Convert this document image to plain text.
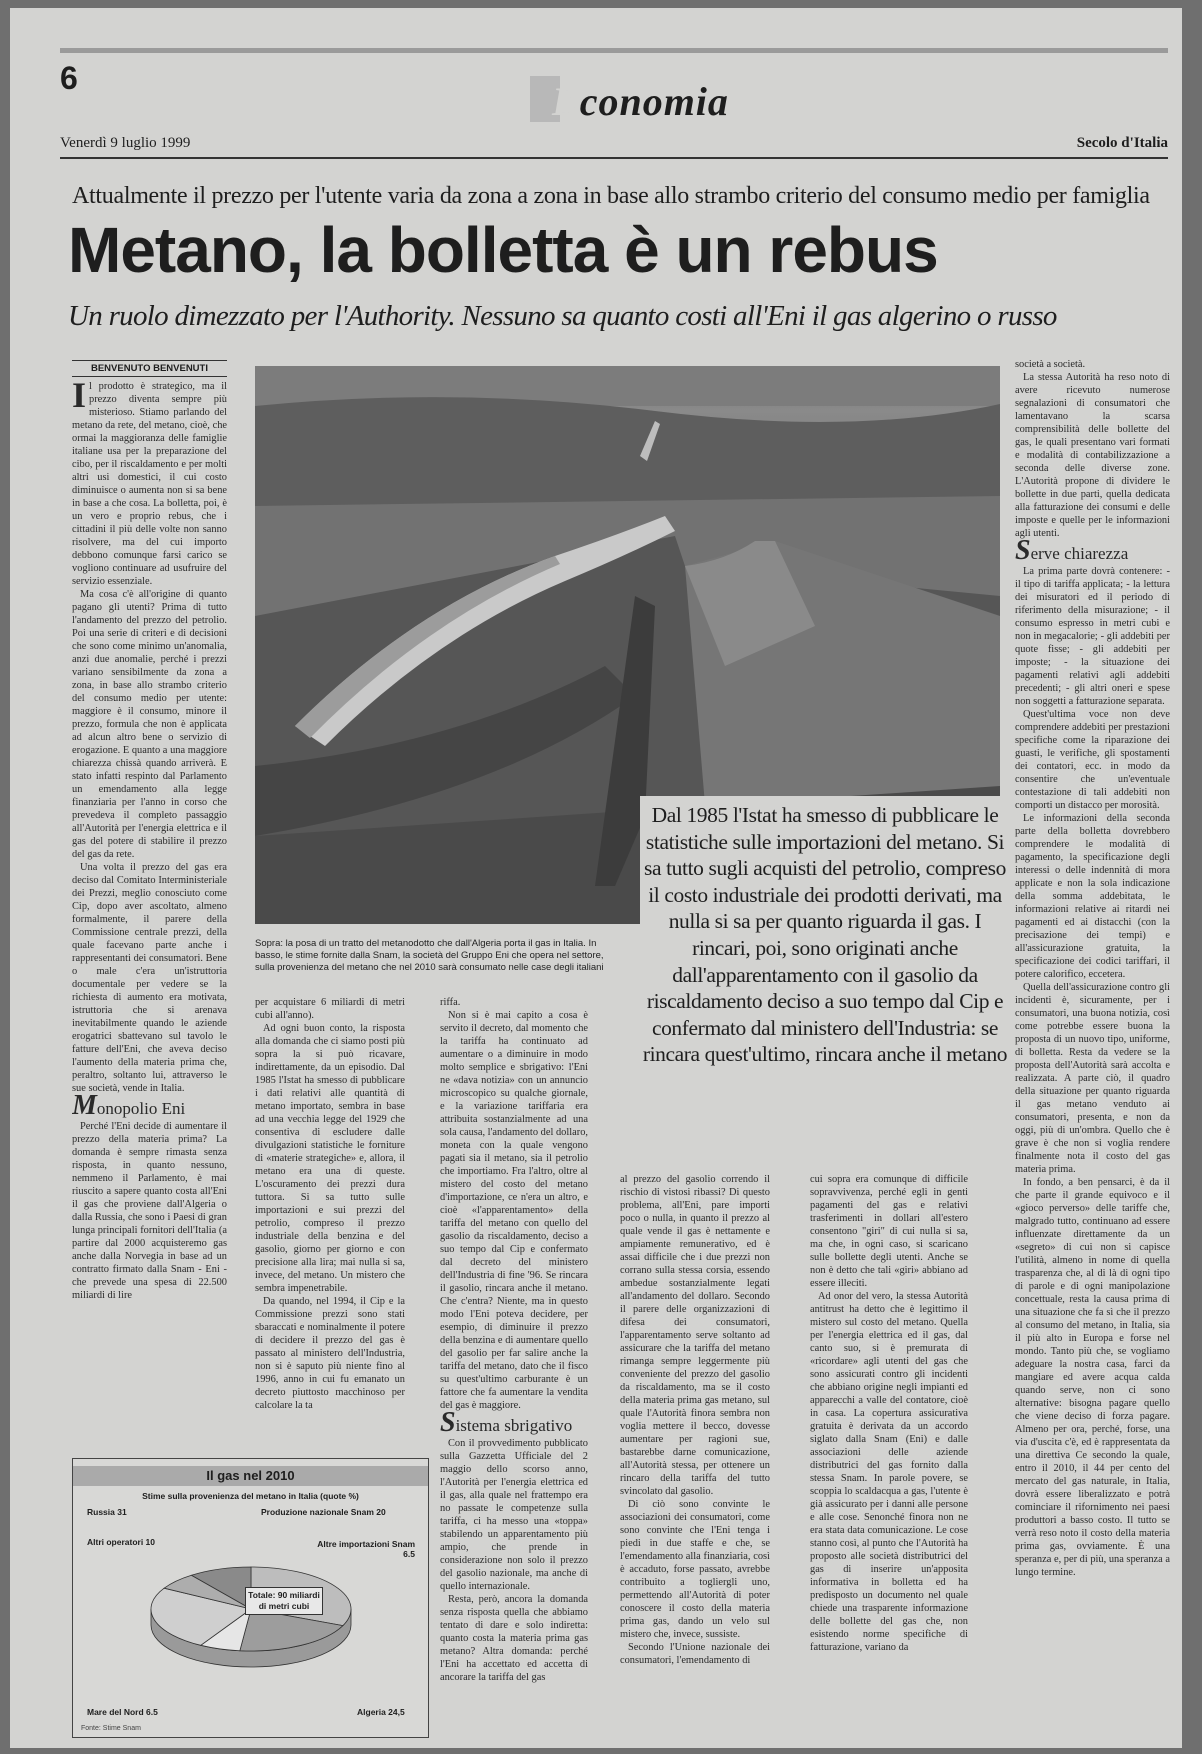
6
Economia
Venerdì 9 luglio 1999	Secolo d'Italia
Attualmente il prezzo per l'utente varia da zona a zona in base allo strambo criterio del consumo medio per famiglia
Metano, la bolletta è un rebus
Un ruolo dimezzato per l'Authority. Nessuno sa quanto costi all'Eni il gas algerino o russo
BENVENUTO BENVENUTI

Il prodotto è strategico, ma il prezzo diventa sempre più misterioso. Stiamo parlando del metano da rete, del metano, cioè, che ormai la maggioranza delle famiglie italiane usa per la preparazione del cibo, per il riscaldamento e per molti altri usi domestici, il cui costo diminuisce o aumenta non si sa bene in base a che cosa. La bolletta, poi, è un vero e proprio rebus, che i cittadini il più delle volte non sanno risolvere, ma del cui importo debbono comunque farsi carico se vogliono continuare ad usufruire del servizio essenziale.

Ma cosa c'è all'origine di quanto pagano gli utenti? Prima di tutto l'andamento del prezzo del petrolio. Poi una serie di criteri e di decisioni che sono come minimo un'anomalia, anzi due anomalie, perché i prezzi variano sensibilmente da zona a zona, in base allo strambo criterio del consumo medio per utente: maggiore è il consumo, minore il prezzo, formula che non è applicata ad alcun altro bene o servizio di erogazione. E quanto a una maggiore chiarezza chissà quando arriverà. E stato infatti respinto dal Parlamento un emendamento alla legge finanziaria per l'anno in corso che prevedeva il completo passaggio all'Autorità per l'energia elettrica e il gas del potere di stabilire il prezzo del gas da rete.

Una volta il prezzo del gas era deciso dal Comitato Interministeriale dei Prezzi, meglio conosciuto come Cip, dopo aver ascoltato, almeno formalmente, il parere della Commissione centrale prezzi, della quale facevano parte anche i rappresentanti dei consumatori. Bene o male c'era un'istruttoria documentale per vedere se la richiesta di aumento era motivata, istruttoria che si arenava inevitabilmente quando le aziende erogatrici sbattevano sul tavolo le fatture dell'Eni, che aveva deciso l'aumento della materia prima che, peraltro, soltanto lui, attraverso le sue società, vende in Italia.

Monopolio Eni

Perché l'Eni decide di aumentare il prezzo della materia prima? La domanda è sempre rimasta senza risposta, in quanto nessuno, nemmeno il Parlamento, è mai riuscito a sapere quanto costa all'Eni il gas che proviene dall'Algeria o dalla Russia, che sono i Paesi di gran lunga principali fornitori dell'Italia (a partire dal 2000 acquisteremo gas anche dalla Norvegia in base ad un contratto firmato dalla Snam - Eni - che prevede una spesa di 22.500 miliardi di lire

Sopra: la posa di un tratto del metanodotto che dall'Algeria porta il gas in Italia. In basso, le stime fornite dalla Snam, la società del Gruppo Eni che opera nel settore, sulla provenienza del metano che nel 2010 sarà consumato nelle case degli italiani

per acquistare 6 miliardi di metri cubi all'anno).

Ad ogni buon conto, la risposta alla domanda che ci siamo posti più sopra la si può ricavare, indirettamente, da un episodio. Dal 1985 l'Istat ha smesso di pubblicare i dati relativi alle quantità di metano importato, sembra in base ad una vecchia legge del 1929 che consentiva di escludere dalle divulgazioni statistiche le forniture di «materie strategiche» e, allora, il metano era una di queste. L'oscuramento dei prezzi dura tuttora. Si sa tutto sulle importazioni e sui prezzi del petrolio, compreso il prezzo industriale della benzina e del gasolio, giorno per giorno e con precisione alla lira; mai nulla si sa, invece, del metano. Un mistero che sembra impenetrabile.

Da quando, nel 1994, il Cip e la Commissione prezzi sono stati sbaraccati e nominalmente il potere di decidere il prezzo del gas è passato al ministero dell'Industria, non si è saputo più niente fino al 1996, anno in cui fu emanato un decreto piuttosto macchinoso per calcolare la ta

riffa.

Non si è mai capito a cosa è servito il decreto, dal momento che la tariffa ha continuato ad aumentare o a diminuire in modo molto semplice e sbrigativo: l'Eni ne «dava notizia» con un annuncio microscopico su qualche giornale, e la variazione tariffaria era attribuita sostanzialmente ad una sola causa, l'andamento del dollaro, moneta con la quale vengono pagati sia il metano, sia il petrolio che importiamo. Fra l'altro, oltre al mistero del costo del metano d'importazione, ce n'era un altro, e cioè «l'apparentamento» della tariffa del metano con quello del gasolio da riscaldamento, deciso a suo tempo dal Cip e confermato dal decreto del ministero dell'Industria di fine '96. Se rincara il gasolio, rincara anche il metano. Che c'entra? Niente, ma in questo modo l'Eni poteva decidere, per esempio, di diminuire il prezzo della benzina e di aumentare quello del gasolio per far salire anche la tariffa del metano, dato che il fisco su quest'ultimo carburante è un fattore che fa aumentare la vendita del gas è maggiore.

Sistema sbrigativo

Con il provvedimento pubblicato sulla Gazzetta Ufficiale del 2 maggio dello scorso anno, l'Autorità per l'energia elettrica ed il gas, alla quale nel frattempo era no passate le competenze sulla tariffa, ci ha messo una «toppa» stabilendo un apparentamento più ampio, che prende in considerazione non solo il prezzo del gasolio nazionale, ma anche di quello internazionale.

Resta, però, ancora la domanda senza risposta quella che abbiamo tentato di dare e solo indiretta: quanto costa la materia prima gas metano? Altra domanda: perché l'Eni ha accettato ed accetta di ancorare la tariffa del gas

Dal 1985 l'Istat ha smesso di pubblicare le statistiche sulle importazioni del metano. Si sa tutto sugli acquisti del petrolio, compreso il costo industriale dei prodotti derivati, ma nulla si sa per quanto riguarda il gas. I rincari, poi, sono originati anche dall'apparentamento con il gasolio da riscaldamento deciso a suo tempo dal Cip e confermato dal ministero dell'Industria: se rincara quest'ultimo, rincara anche il metano

al prezzo del gasolio correndo il rischio di vistosi ribassi? Di questo problema, all'Eni, pare importi poco o nulla, in quanto il prezzo al quale vende il gas è nettamente e ampiamente remunerativo, ed è assai difficile che i due prezzi non corrano sulla stessa corsia, essendo ambedue sostanzialmente legati all'andamento del dollaro. Secondo il parere delle organizzazioni di difesa dei consumatori, l'apparentamento serve soltanto ad assicurare che la tariffa del metano rimanga sempre leggermente più conveniente del prezzo del gasolio da riscaldamento, ma se il costo della materia prima gas metano, sul quale l'Autorità finora sembra non voglia mettere il becco, dovesse aumentare per ragioni sue, bastarebbe darne comunicazione, all'Autorità stessa, per ottenere un rincaro della tariffa del tutto svincolato dal gasolio.

Di ciò sono convinte le associazioni dei consumatori, come sono convinte che l'Eni tenga i piedi in due staffe e che, se l'emendamento alla finanziaria, così è accaduto, forse passato, avrebbe contribuito a togliergli uno, permettendo all'Autorità di poter conoscere il costo della materia prima gas, dando un velo sul mistero che, invece, sussiste.

Secondo l'Unione nazionale dei consumatori, l'emendamento di

cui sopra era comunque di difficile sopravvivenza, perché egli in genti pagamenti del gas e relativi trasferimenti in dollari all'estero consentono "giri" di cui nulla si sa, ma che, in ogni caso, si scaricano sulle bollette degli utenti. Anche se non è detto che tali «giri» abbiano ad essere illeciti.

Ad onor del vero, la stessa Autorità antitrust ha detto che è legittimo il mistero sul costo del metano. Quella per l'energia elettrica ed il gas, dal canto suo, si è premurata di «ricordare» agli utenti del gas che sono assicurati contro gli incidenti che abbiano origine negli impianti ed apparecchi a valle del contatore, cioè in casa. La copertura assicurativa gratuita è derivata da un accordo siglato dalla Snam (Eni) e dalle associazioni delle aziende distributrici del gas fornito dalla stessa Snam. In parole povere, se scoppia lo scaldacqua a gas, l'utente è già assicurato per i danni alle persone e alle cose. Senonché finora non ne era stata data comunicazione. Le cose stanno così, al punto che l'Autorità ha proposto alle società distributrici del gas di inserire un'apposita informativa in bolletta ed ha predisposto un documento nel quale chiede una trasparente informazione delle bollette del gas che, non esistendo norme specifiche di fatturazione, variano da

società a società.

La stessa Autorità ha reso noto di avere ricevuto numerose segnalazioni di consumatori che lamentavano la scarsa comprensibilità delle bollette del gas, le quali presentano vari formati e modalità di contabilizzazione a seconda delle diverse zone. L'Autorità propone di dividere le bollette in due parti, quella dedicata alla fatturazione dei consumi e delle imposte e quelle per le informazioni agli utenti.

Serve chiarezza

La prima parte dovrà contenere: - il tipo di tariffa applicata; - la lettura dei misuratori ed il periodo di riferimento della misurazione; - il consumo espresso in metri cubi e non in megacalorie; - gli addebiti per quote fisse; - gli addebiti per imposte; - la situazione dei pagamenti relativi agli addebiti precedenti; - gli altri oneri e spese non soggetti a fatturazione separata.

Quest'ultima voce non deve comprendere addebiti per prestazioni specifiche come la riparazione dei guasti, le verifiche, gli spostamenti dei contatori, ecc. in modo da consentire che un'eventuale contestazione di tali addebiti non comporti un distacco per morosità.

Le informazioni della seconda parte della bolletta dovrebbero comprendere le modalità di pagamento, la specificazione degli interessi o delle indennità di mora applicate e non la sola indicazione della somma addebitata, le informazioni relative ai ritardi nei pagamenti ed ai distacchi (con la precisazione dei tempi) e all'assicurazione gratuita, la specificazione dei codici tariffari, il potere calorifico, eccetera.

Quella dell'assicurazione contro gli incidenti è, sicuramente, per i consumatori, una buona notizia, così come potrebbe essere buona la proposta di un nuovo tipo, uniforme, di bolletta. Resta da vedere se la proposta dell'Autorità sarà accolta e realizzata. A parte ciò, il quadro della situazione per quanto riguarda il gas metano venduto ai consumatori, presenta, e non da oggi, più di un'ombra. Quello che è grave è che non si voglia rendere finalmente nota il costo del gas materia prima.

In fondo, a ben pensarci, è da il che parte il grande equivoco e il «gioco perverso» delle tariffe che, malgrado tutto, continuano ad essere influenzate direttamente da un «segreto» di cui non si capisce l'utilità, almeno in nome di quella trasparenza che, al di là di ogni tipo di parole e di ogni manipolazione concettuale, resta la causa prima di una situazione che fa sì che il prezzo al consumo del metano, in Italia, sia il più alto in Europa e forse nel mondo. Tanto più che, se vogliamo adeguare la nostra casa, farci da mangiare ed avere acqua calda quando serve, non ci sono alternative: bisogna pagare quello che viene deciso di forza pagare. Almeno per ora, perché, forse, una via d'uscita c'è, ed è rappresentata da una direttiva Ce secondo la quale, entro il 2010, il 44 per cento del mercato del gas naturale, in Italia, dovrà essere liberalizzato e potrà cominciare il rifornimento nei paesi produttori a basso costo. Il tutto se verrà reso noto il costo della materia prima gas, ovviamente. È una speranza e, per di più, una speranza a lungo termine.

Il gas nel 2010
Stime sulla provenienza del metano in Italia (quote %)
Russia 31	Produzione nazionale Snam 20
Altre importazioni Snam 6.5
Algeria 24,5
Mare del Nord 6.5
Altri operatori 10
Totale: 90 miliardi di metri cubi
Fonte: Stime Snam
